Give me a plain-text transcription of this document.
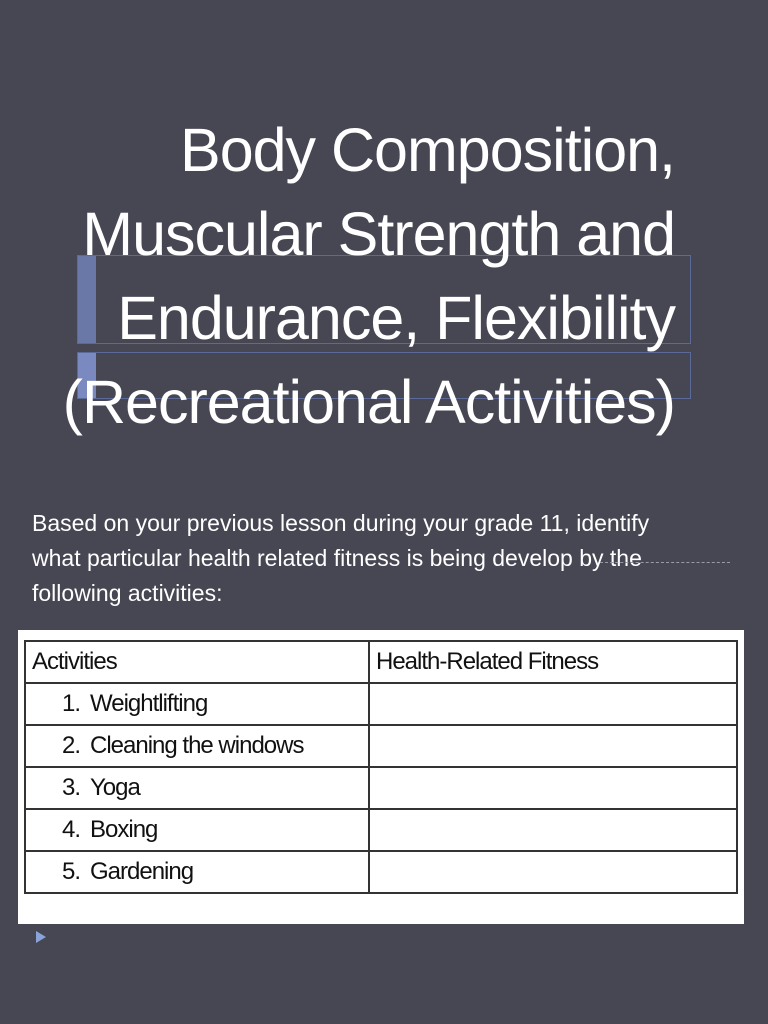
Body Composition,
Muscular Strength and
Endurance, Flexibility
(Recreational Activities)

Based on your previous lesson during your grade 11, identify
what particular health related fitness is being develop by the
following activities:

Activities	Health-Related Fitness
1. Weightlifting	
2. Cleaning the windows	
3. Yoga	
4. Boxing	
5. Gardening	
